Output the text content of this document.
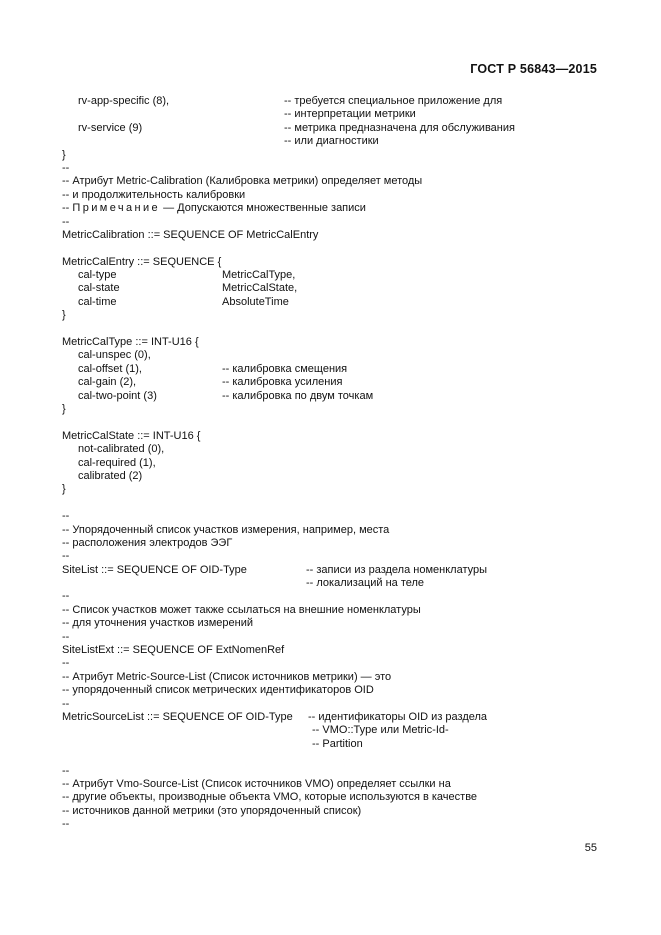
ГОСТ Р 56843—2015
rv-app-specific (8),	-- требуется специальное приложение для
-- интерпретации метрики
rv-service (9)	-- метрика предназначена для обслуживания
-- или диагностики
}
--
-- Атрибут Metric-Calibration (Калибровка метрики) определяет методы
-- и продолжительность калибровки
-- Примечание — Допускаются множественные записи
--
MetricCalibration ::= SEQUENCE OF MetricCalEntry
MetricCalEntry ::= SEQUENCE {
cal-type	MetricCalType,
cal-state	MetricCalState,
cal-time	AbsoluteTime
}
MetricCalType ::= INT-U16 {
cal-unspec (0),
cal-offset (1),	-- калибровка смещения
cal-gain (2),	-- калибровка усиления
cal-two-point (3)	-- калибровка по двум точкам
}
MetricCalState ::= INT-U16 {
not-calibrated (0),
cal-required (1),
calibrated (2)
}
--
-- Упорядоченный список участков измерения, например, места
-- расположения электродов ЭЭГ
--
SiteList ::= SEQUENCE OF OID-Type	-- записи из раздела номенклатуры
-- локализаций на теле
--
-- Список участков может также ссылаться на внешние номенклатуры
-- для уточнения участков измерений
--
SiteListExt ::= SEQUENCE OF ExtNomenRef
--
-- Атрибут Metric-Source-List (Список источников метрики) — это
-- упорядоченный список метрических идентификаторов OID
--
MetricSourceList ::= SEQUENCE OF OID-Type -- идентификаторы OID из раздела
-- VMO::Type или Metric-Id-
-- Partition
--
-- Атрибут Vmo-Source-List (Список источников VMO) определяет ссылки на
-- другие объекты, производные объекта VMO, которые используются в качестве
-- источников данной метрики (это упорядоченный список)
--
55
